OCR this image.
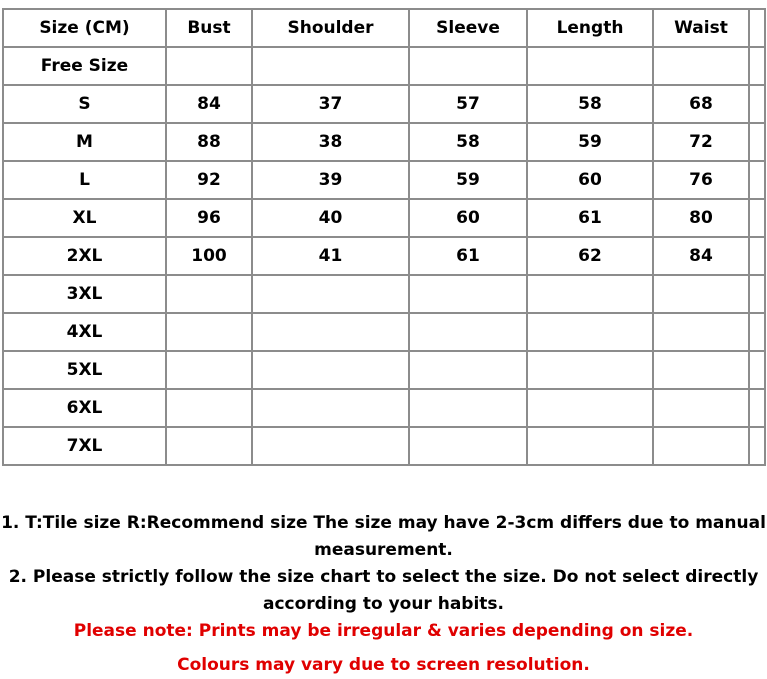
Size (CM)	Bust	Shoulder	Sleeve	Length	Waist	
Free Size						
S	84	37	57	58	68	
M	88	38	58	59	72	
L	92	39	59	60	76	
XL	96	40	60	61	80	
2XL	100	41	61	62	84	
3XL						
4XL						
5XL						
6XL						
7XL						
1. T:Tile size R:Recommend size The size may have 2-3cm differs due to manual measurement.
2. Please strictly follow the size chart to select the size. Do not select directly according to your habits.
Please note: Prints may be irregular & varies depending on size.
Colours may vary due to screen resolution.
